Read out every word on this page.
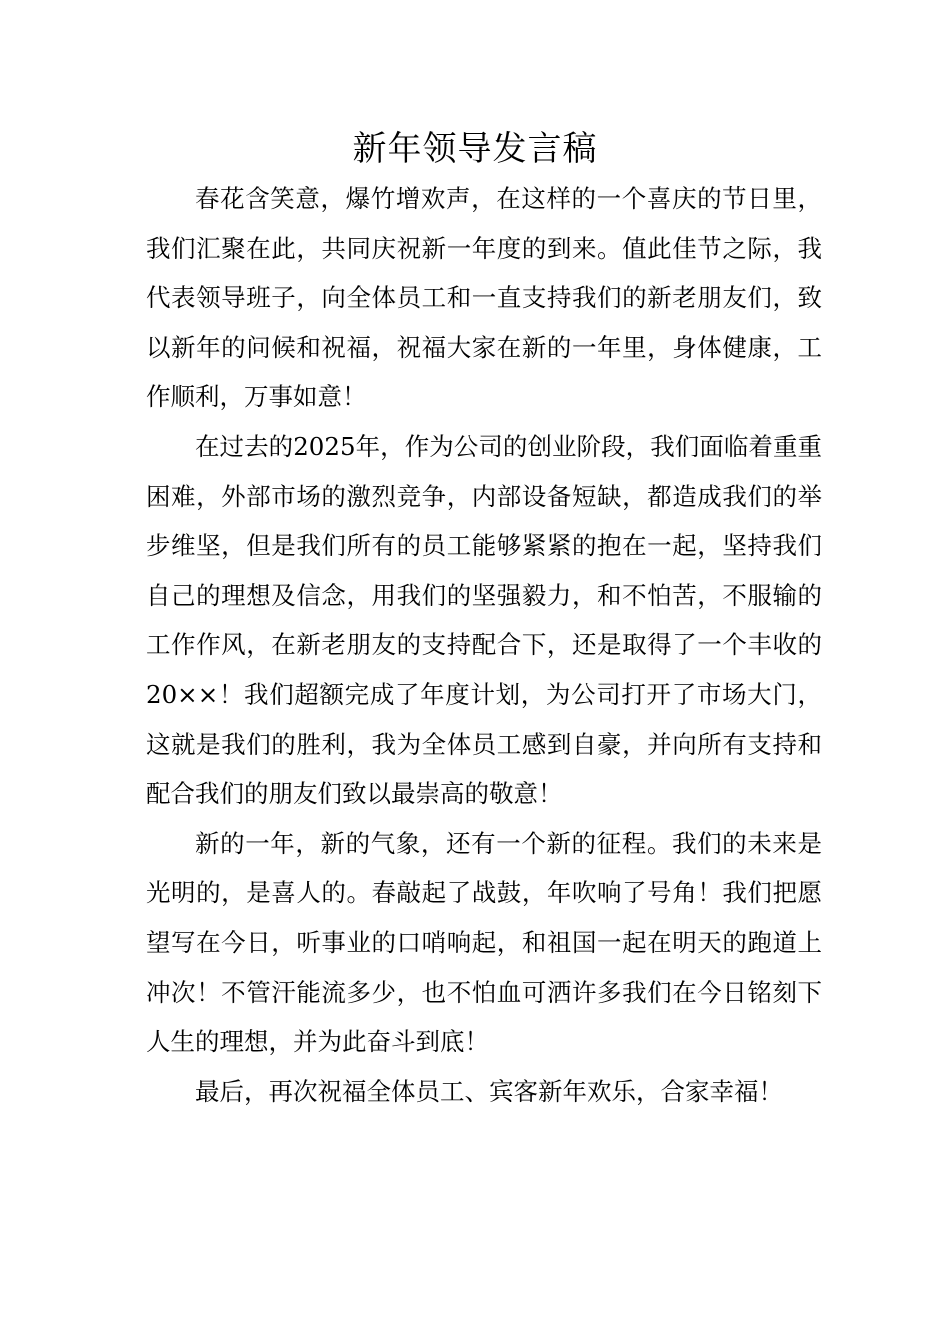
新年领导发言稿

春花含笑意，爆竹增欢声，在这样的一个喜庆的节日里，我们汇聚在此，共同庆祝新一年度的到来。值此佳节之际，我代表领导班子，向全体员工和一直支持我们的新老朋友们，致以新年的问候和祝福，祝福大家在新的一年里，身体健康，工作顺利，万事如意！

在过去的2025年，作为公司的创业阶段，我们面临着重重困难，外部市场的激烈竞争，内部设备短缺，都造成我们的举步维坚，但是我们所有的员工能够紧紧的抱在一起，坚持我们自己的理想及信念，用我们的坚强毅力，和不怕苦，不服输的工作作风，在新老朋友的支持配合下，还是取得了一个丰收的20××！我们超额完成了年度计划，为公司打开了市场大门，这就是我们的胜利，我为全体员工感到自豪，并向所有支持和配合我们的朋友们致以最崇高的敬意！

新的一年，新的气象，还有一个新的征程。我们的未来是光明的，是喜人的。春敲起了战鼓，年吹响了号角！我们把愿望写在今日，听事业的口哨响起，和祖国一起在明天的跑道上冲次！不管汗能流多少，也不怕血可洒许多我们在今日铭刻下人生的理想，并为此奋斗到底！

最后，再次祝福全体员工、宾客新年欢乐，合家幸福！
